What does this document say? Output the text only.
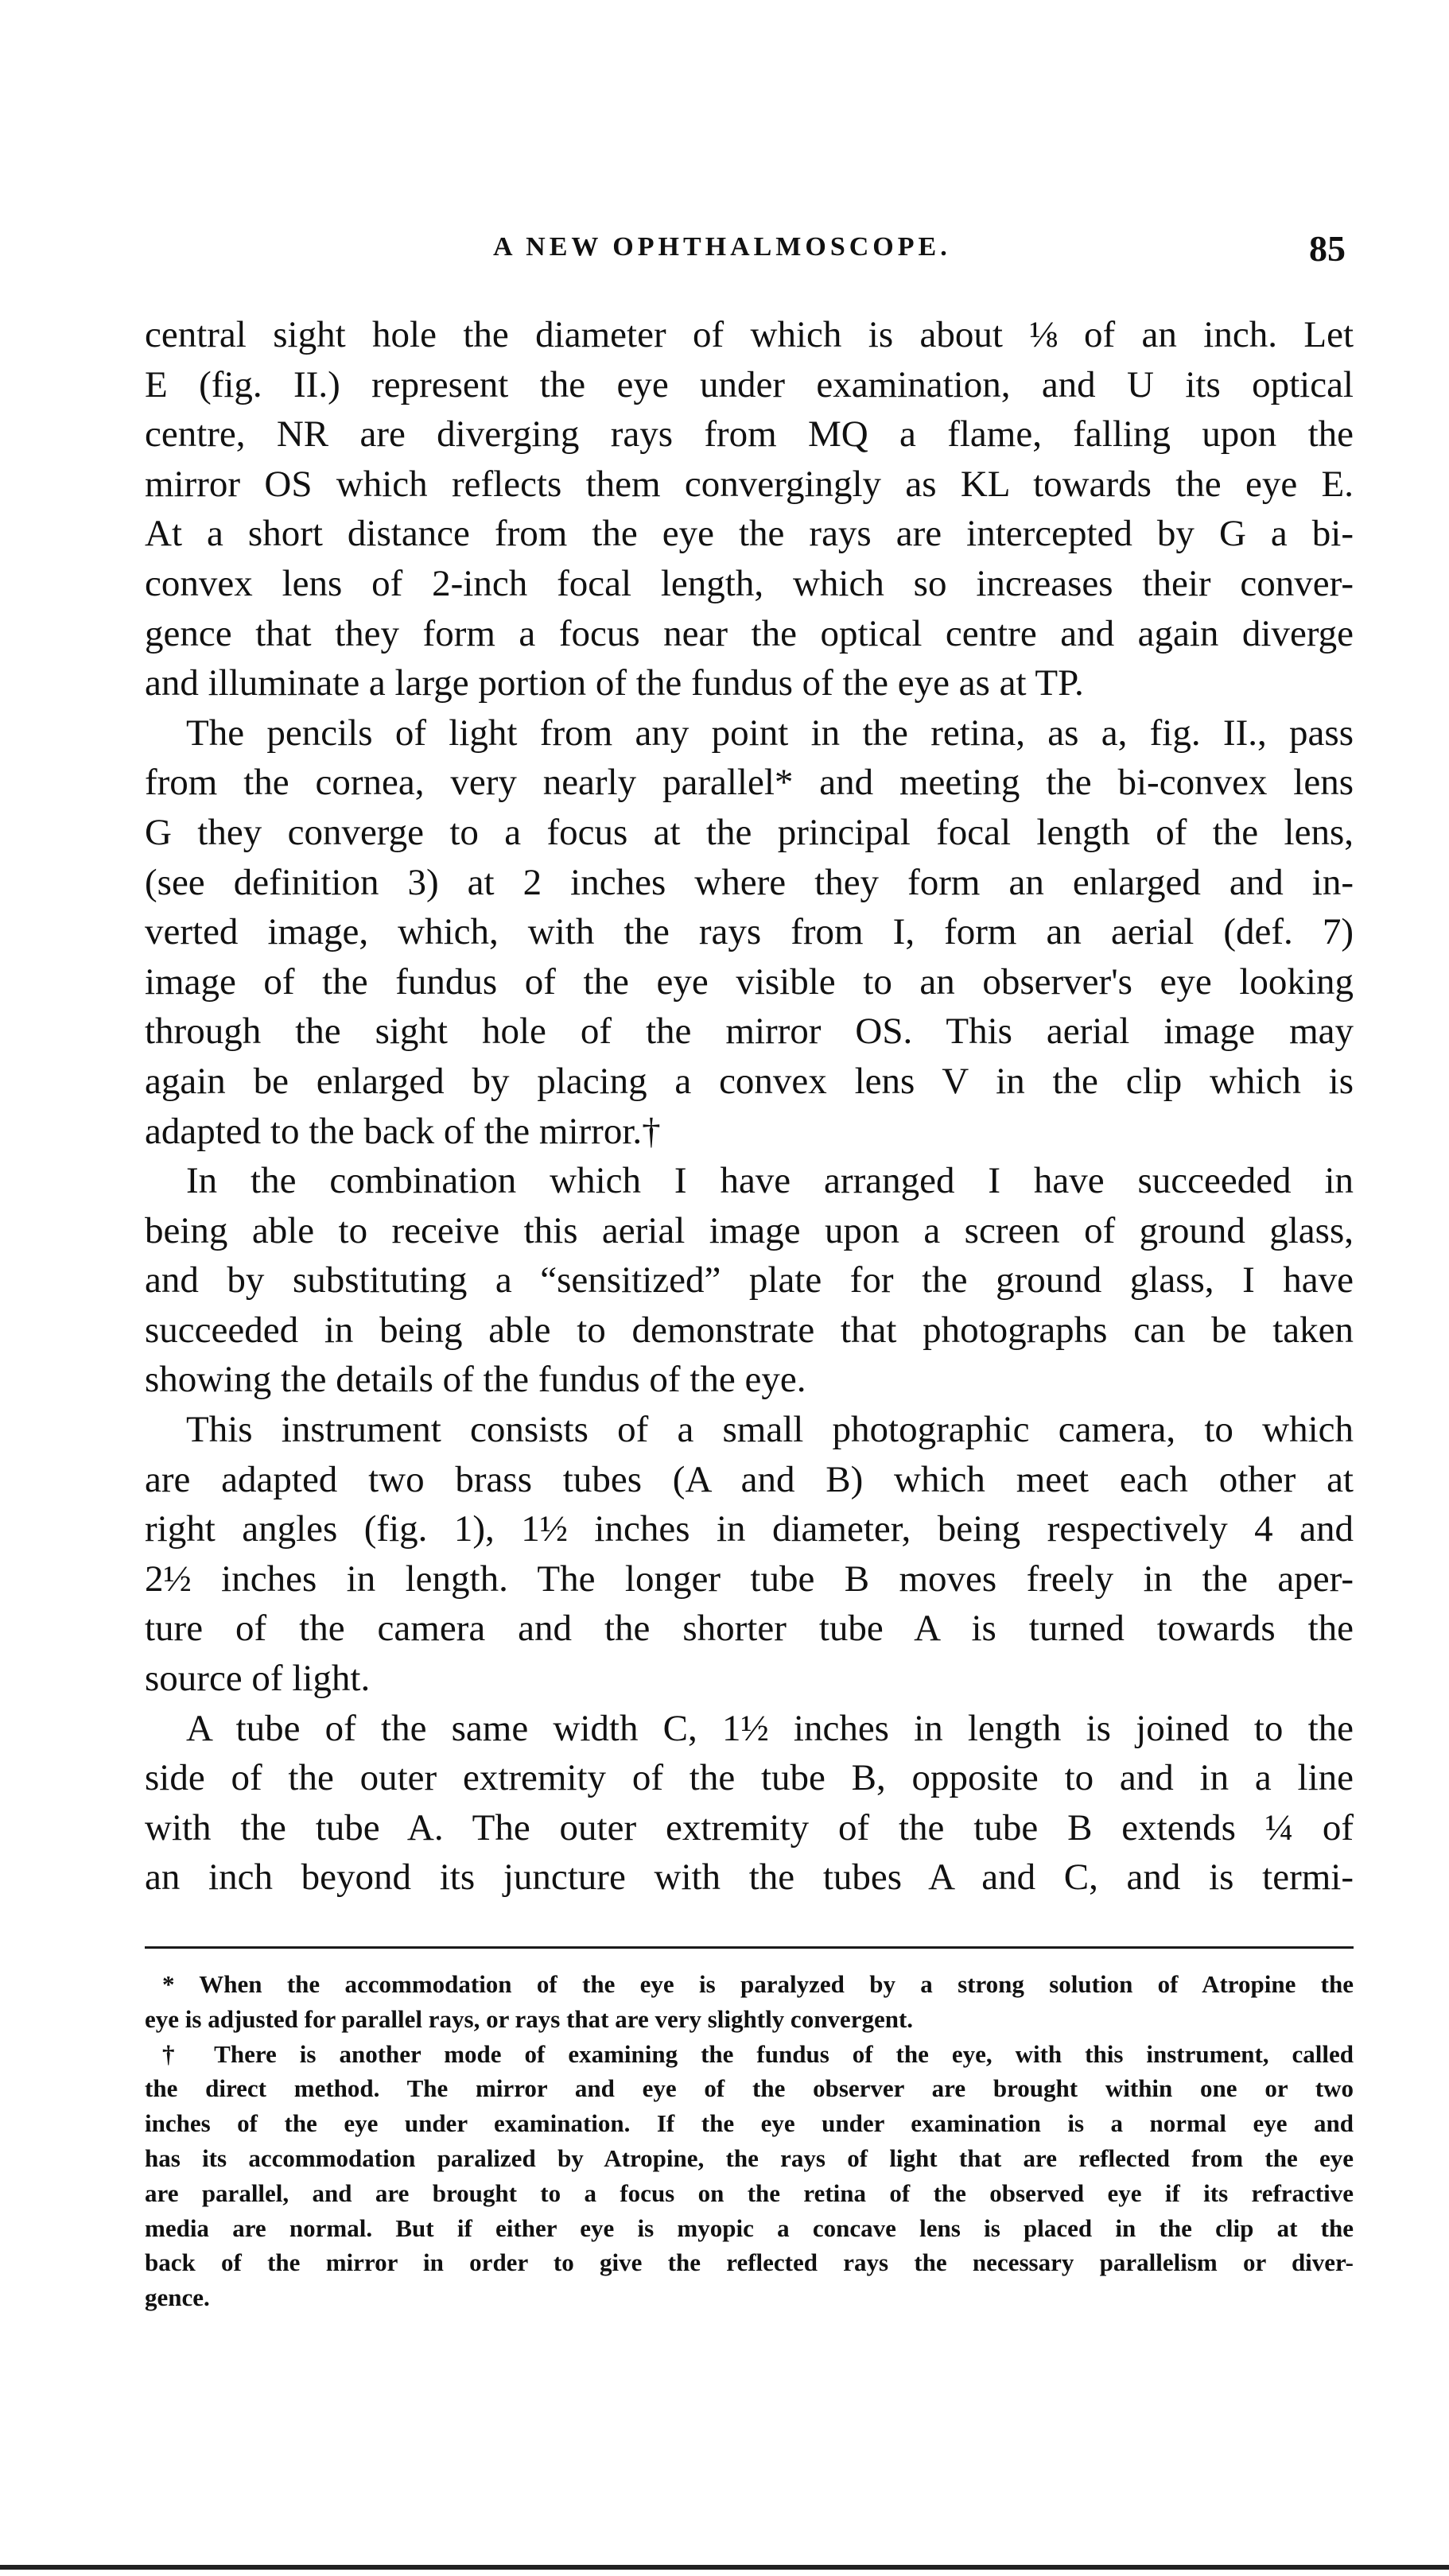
A NEW OPHTHALMOSCOPE.	85
central sight hole the diameter of which is about ⅛ of an inch. Let
E (fig. II.) represent the eye under examination, and U its optical
centre, NR are diverging rays from MQ a flame, falling upon the
mirror OS which reflects them convergingly as KL towards the eye E.
At a short distance from the eye the rays are intercepted by G a bi-
convex lens of 2-inch focal length, which so increases their conver-
gence that they form a focus near the optical centre and again diverge
and illuminate a large portion of the fundus of the eye as at TP.
The pencils of light from any point in the retina, as a, fig. II., pass
from the cornea, very nearly parallel* and meeting the bi-convex lens
G they converge to a focus at the principal focal length of the lens,
(see definition 3) at 2 inches where they form an enlarged and in-
verted image, which, with the rays from I, form an aerial (def. 7)
image of the fundus of the eye visible to an observer's eye looking
through the sight hole of the mirror OS. This aerial image may
again be enlarged by placing a convex lens V in the clip which is
adapted to the back of the mirror.†
In the combination which I have arranged I have succeeded in
being able to receive this aerial image upon a screen of ground glass,
and by substituting a “sensitized” plate for the ground glass, I have
succeeded in being able to demonstrate that photographs can be taken
showing the details of the fundus of the eye.
This instrument consists of a small photographic camera, to which
are adapted two brass tubes (A and B) which meet each other at
right angles (fig. 1), 1½ inches in diameter, being respectively 4 and
2½ inches in length. The longer tube B moves freely in the aper-
ture of the camera and the shorter tube A is turned towards the
source of light.
A tube of the same width C, 1½ inches in length is joined to the
side of the outer extremity of the tube B, opposite to and in a line
with the tube A. The outer extremity of the tube B extends ¼ of
an inch beyond its juncture with the tubes A and C, and is termi-
* When the accommodation of the eye is paralyzed by a strong solution of Atropine the
eye is adjusted for parallel rays, or rays that are very slightly convergent.
† There is another mode of examining the fundus of the eye, with this instrument, called
the direct method. The mirror and eye of the observer are brought within one or two
inches of the eye under examination. If the eye under examination is a normal eye and
has its accommodation paralized by Atropine, the rays of light that are reflected from the eye
are parallel, and are brought to a focus on the retina of the observed eye if its refractive
media are normal. But if either eye is myopic a concave lens is placed in the clip at the
back of the mirror in order to give the reflected rays the necessary parallelism or diver-
gence.
